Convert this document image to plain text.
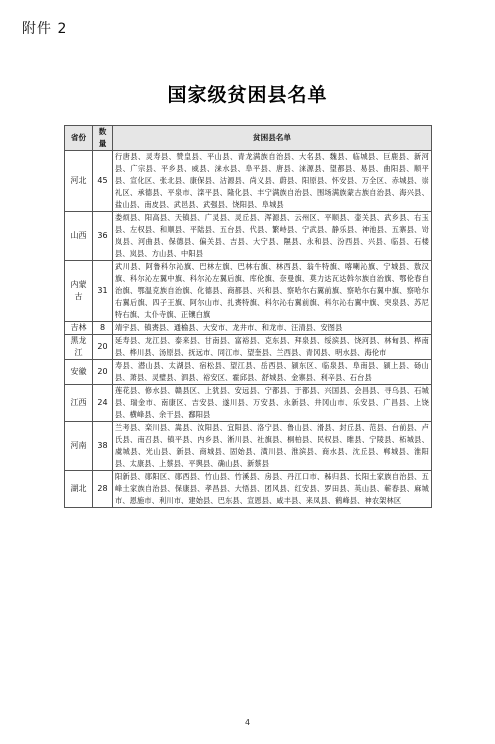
附件 2
国家级贫困县名单
省份	数量	贫困县名单
河北	45	行唐县、灵寿县、赞皇县、平山县、青龙满族自治县、大名县、魏县、临城县、巨鹿县、新河县、广宗县、平乡县、威县、涞水县、阜平县、唐县、涞源县、望都县、易县、曲阳县、顺平县、宣化区、张北县、康保县、沽源县、尚义县、蔚县、阳原县、怀安县、万全区、赤城县、崇礼区、承德县、平泉市、滦平县、隆化县、丰宁满族自治县、围场满族蒙古族自治县、海兴县、盐山县、南皮县、武邑县、武强县、饶阳县、阜城县
山西	36	娄烦县、阳高县、天镇县、广灵县、灵丘县、浑源县、云州区、平顺县、壶关县、武乡县、右玉县、左权县、和顺县、平陆县、五台县、代县、繁峙县、宁武县、静乐县、神池县、五寨县、岢岚县、河曲县、保德县、偏关县、吉县、大宁县、隰县、永和县、汾西县、兴县、临县、石楼县、岚县、方山县、中阳县
内蒙古	31	武川县、阿鲁科尔沁旗、巴林左旗、巴林右旗、林西县、翁牛特旗、喀喇沁旗、宁城县、敖汉旗、科尔沁左翼中旗、科尔沁左翼后旗、库伦旗、奈曼旗、莫力达瓦达斡尔族自治旗、鄂伦春自治旗、鄂温克族自治旗、化德县、商都县、兴和县、察哈尔右翼前旗、察哈尔右翼中旗、察哈尔右翼后旗、四子王旗、阿尔山市、扎赉特旗、科尔沁右翼前旗、科尔沁右翼中旗、突泉县、苏尼特右旗、太仆寺旗、正镶白旗
吉林	8	靖宇县、镇赉县、通榆县、大安市、龙井市、和龙市、汪清县、安图县
黑龙江	20	延寿县、龙江县、泰来县、甘南县、富裕县、克东县、拜泉县、绥滨县、饶河县、林甸县、桦南县、桦川县、汤原县、抚远市、同江市、望奎县、兰西县、青冈县、明水县、海伦市
安徽	20	寿县、潜山县、太湖县、宿松县、望江县、岳西县、颍东区、临泉县、阜南县、颍上县、砀山县、萧县、灵璧县、泗县、裕安区、霍邱县、舒城县、金寨县、利辛县、石台县
江西	24	莲花县、修水县、赣县区、上犹县、安远县、宁都县、于都县、兴国县、会昌县、寻乌县、石城县、瑞金市、南康区、吉安县、遂川县、万安县、永新县、井冈山市、乐安县、广昌县、上饶县、横峰县、余干县、鄱阳县
河南	38	兰考县、栾川县、嵩县、汝阳县、宜阳县、洛宁县、鲁山县、滑县、封丘县、范县、台前县、卢氏县、南召县、镇平县、内乡县、淅川县、社旗县、桐柏县、民权县、睢县、宁陵县、柘城县、虞城县、光山县、新县、商城县、固始县、潢川县、淮滨县、商水县、沈丘县、郸城县、淮阳县、太康县、上蔡县、平舆县、确山县、新蔡县
湖北	28	阳新县、郧阳区、郧西县、竹山县、竹溪县、房县、丹江口市、秭归县、长阳土家族自治县、五峰土家族自治县、保康县、孝昌县、大悟县、团风县、红安县、罗田县、英山县、蕲春县、麻城市、恩施市、利川市、建始县、巴东县、宣恩县、咸丰县、来凤县、鹤峰县、神农架林区
4
